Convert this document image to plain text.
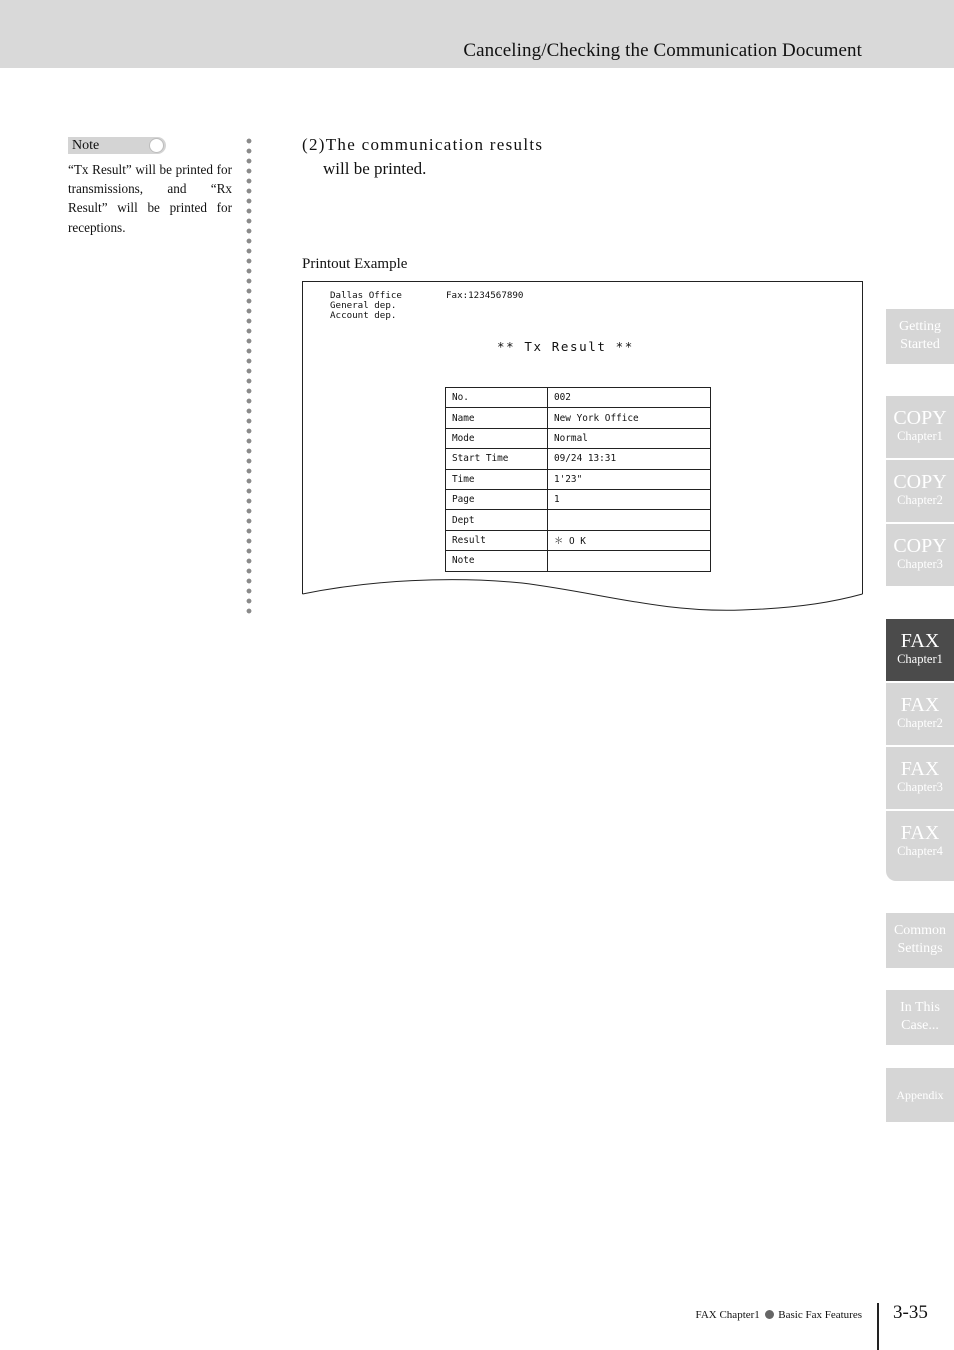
Canceling/Checking the Communication Document
Note
“Tx Result” will be printed for transmissions, and “Rx Result” will be printed for receptions.
(2)The communication results
will be printed.
Printout Example
Dallas Office
General dep.
Account dep.
Fax:1234567890
** Tx Result **
No.	002
Name	New York Office
Mode	Normal
Start Time	09/24 13:31
Time	1'23"
Page	1
Dept	
Result	＊ O K
Note	
Getting
Started
COPY
Chapter1
COPY
Chapter2
COPY
Chapter3
FAX
Chapter1
FAX
Chapter2
FAX
Chapter3
FAX
Chapter4
Common
Settings
In This
Case...
Appendix
FAX Chapter1 Basic Fax Features 3-35
